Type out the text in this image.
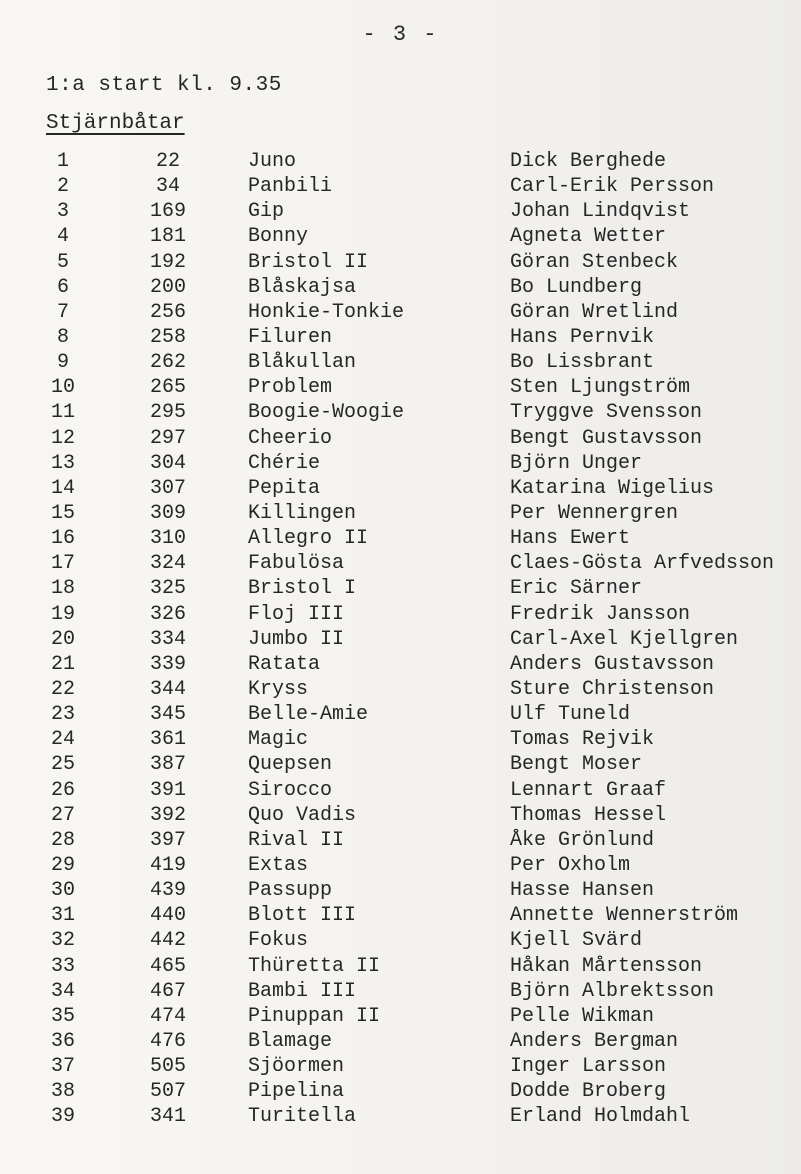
- 3 -
1:a start kl. 9.35
Stjärnbåtar
1	22	Juno	Dick Berghede
2	34	Panbili	Carl-Erik Persson
3	169	Gip	Johan Lindqvist
4	181	Bonny	Agneta Wetter
5	192	Bristol II	Göran Stenbeck
6	200	Blåskajsa	Bo Lundberg
7	256	Honkie-Tonkie	Göran Wretlind
8	258	Filuren	Hans Pernvik
9	262	Blåkullan	Bo Lissbrant
10	265	Problem	Sten Ljungström
11	295	Boogie-Woogie	Tryggve Svensson
12	297	Cheerio	Bengt Gustavsson
13	304	Chérie	Björn Unger
14	307	Pepita	Katarina Wigelius
15	309	Killingen	Per Wennergren
16	310	Allegro II	Hans Ewert
17	324	Fabulösa	Claes-Gösta Arfvedsson
18	325	Bristol I	Eric Särner
19	326	Floj III	Fredrik Jansson
20	334	Jumbo II	Carl-Axel Kjellgren
21	339	Ratata	Anders Gustavsson
22	344	Kryss	Sture Christenson
23	345	Belle-Amie	Ulf Tuneld
24	361	Magic	Tomas Rejvik
25	387	Quepsen	Bengt Moser
26	391	Sirocco	Lennart Graaf
27	392	Quo Vadis	Thomas Hessel
28	397	Rival II	Åke Grönlund
29	419	Extas	Per Oxholm
30	439	Passupp	Hasse Hansen
31	440	Blott III	Annette Wennerström
32	442	Fokus	Kjell Svärd
33	465	Thüretta II	Håkan Mårtensson
34	467	Bambi III	Björn Albrektsson
35	474	Pinuppan II	Pelle Wikman
36	476	Blamage	Anders Bergman
37	505	Sjöormen	Inger Larsson
38	507	Pipelina	Dodde Broberg
39	341	Turitella	Erland Holmdahl
